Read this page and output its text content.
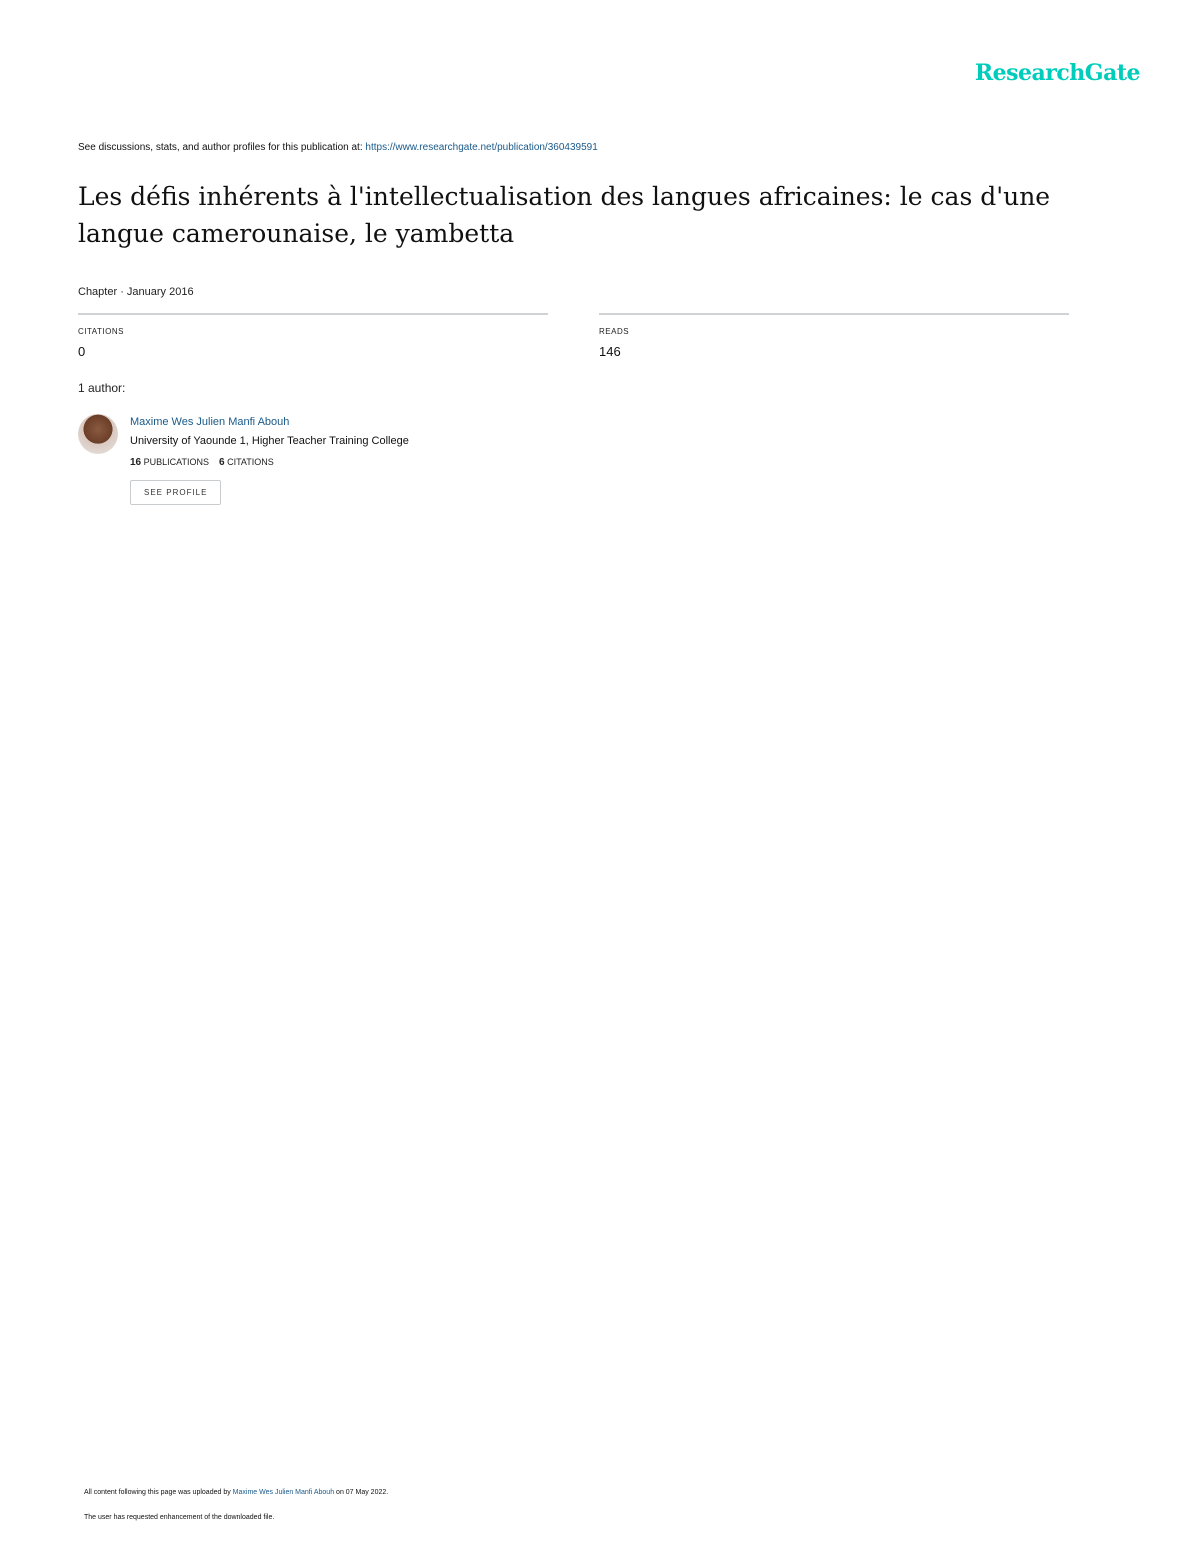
ResearchGate
See discussions, stats, and author profiles for this publication at: https://www.researchgate.net/publication/360439591
Les défis inhérents à l'intellectualisation des langues africaines: le cas d'une langue camerounaise, le yambetta
Chapter · January 2016
CITATIONS
0
READS
146
1 author:
Maxime Wes Julien Manfi Abouh
University of Yaounde 1, Higher Teacher Training College
16 PUBLICATIONS 6 CITATIONS
SEE PROFILE
All content following this page was uploaded by Maxime Wes Julien Manfi Abouh on 07 May 2022.
The user has requested enhancement of the downloaded file.
